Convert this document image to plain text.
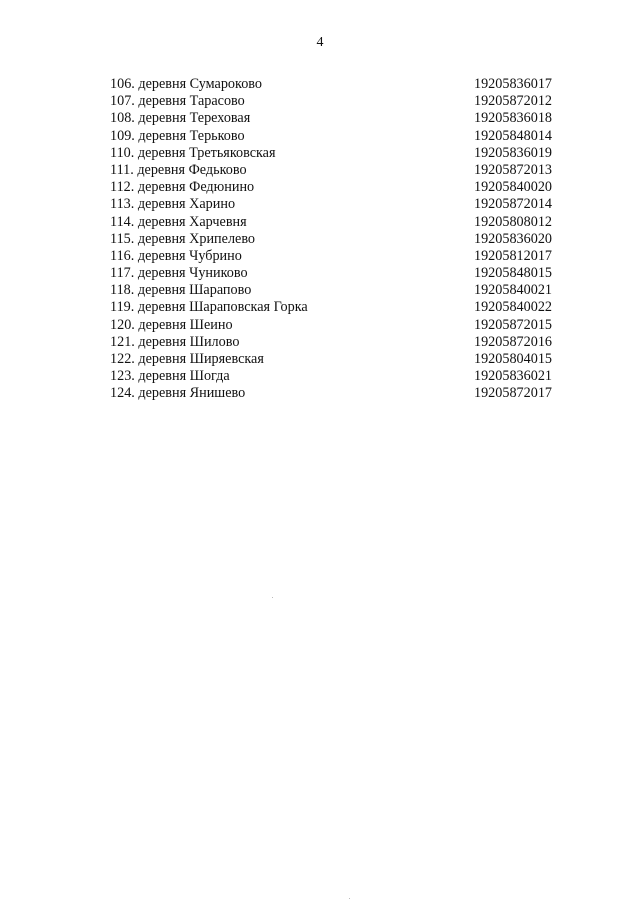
4
106. деревня Сумароково	19205836017
107. деревня Тарасово	19205872012
108. деревня Тереховая	19205836018
109. деревня Терьково	19205848014
110. деревня Третьяковская	19205836019
111. деревня Федьково	19205872013
112. деревня Федюнино	19205840020
113. деревня Харино	19205872014
114. деревня Харчевня	19205808012
115. деревня Хрипелево	19205836020
116. деревня Чубрино	19205812017
117. деревня Чуниково	19205848015
118. деревня Шарапово	19205840021
119. деревня Шараповская Горка	19205840022
120. деревня Шеино	19205872015
121. деревня Шилово	19205872016
122. деревня Ширяевская	19205804015
123. деревня Шогда	19205836021
124. деревня Янишево	19205872017
